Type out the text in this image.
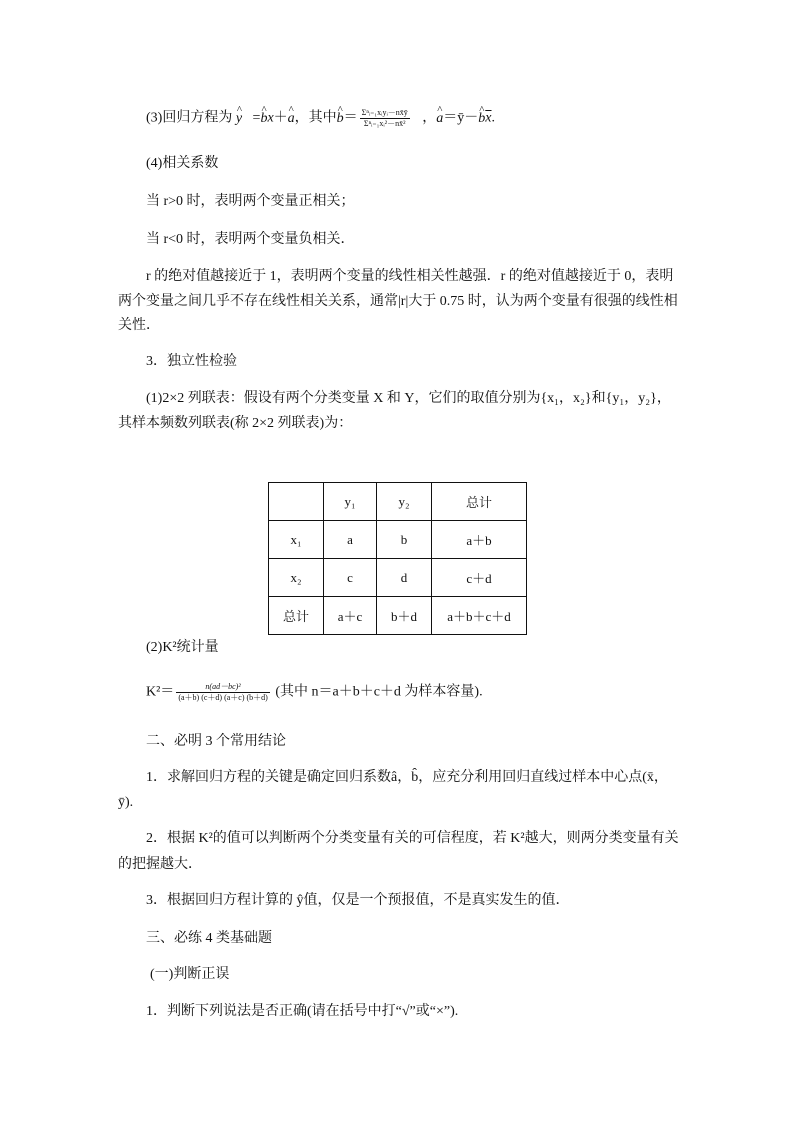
(3)回归方程为 ^ y =^ bx＋^ a，其中^ $b= \frac{\text{Σⁿᵢ₌₁xᵢyᵢ－nx̄ȳ}}{\text{Σⁿᵢ₌₁xᵢ²－nx̄²}}$ ，^ a＝ȳ－^ $b\overline{x}$.
(4)相关系数
当 r>0 时，表明两个变量正相关；
当 r<0 时，表明两个变量负相关．
r 的绝对值越接近于 1，表明两个变量的线性相关性越强．r 的绝对值越接近于 0，表明
两个变量之间几乎不存在线性相关关系，通常|r|大于 0.75 时，认为两个变量有很强的线性相
关性．
3．独立性检验
(1)2×2 列联表：假设有两个分类变量 X 和 Y，它们的取值分别为{x₁，x₂}和{y₁，y₂}，
其样本频数列联表(称 2×2 列联表)为：
	y₁	y₂	总计
x₁	a	b	a＋b
x₂	c	d	c＋d
总计	a＋c	b＋d	a＋b＋c＋d
(2)K²统计量
$K^2= \frac{\text{n(ad－bc)²}}{(a+b) (c+d) (a+c) (b+d)}$ (其中 n＝a＋b＋c＋d 为样本容量).
二、必明 3 个常用结论
1．求解回归方程的关键是确定回归系数â，b̂，应充分利用回归直线过样本中心点(x̄，
ȳ).
2．根据 K²的值可以判断两个分类变量有关的可信程度，若 K²越大，则两分类变量有关
的把握越大．
3．根据回归方程计算的 ŷ值，仅是一个预报值，不是真实发生的值．
三、必练 4 类基础题
(一)判断正误
1．判断下列说法是否正确(请在括号中打“√”或“×”).
